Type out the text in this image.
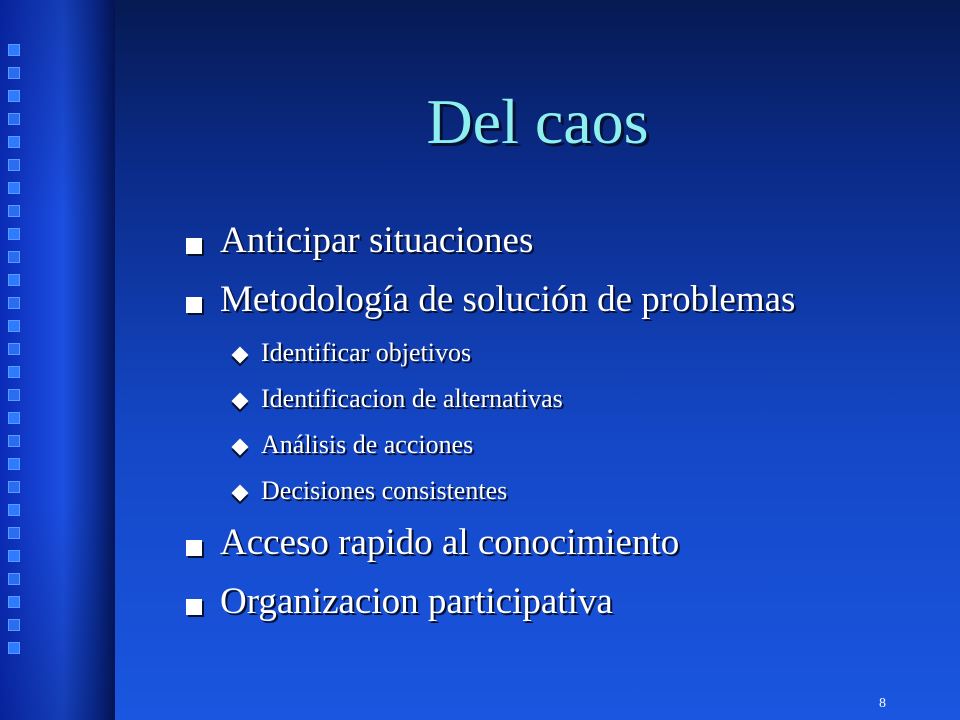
Del caos
Anticipar situaciones
Metodología de solución de problemas
Identificar objetivos
Identificacion de alternativas
Análisis de acciones
Decisiones consistentes
Acceso rapido al conocimiento
Organizacion participativa
8
